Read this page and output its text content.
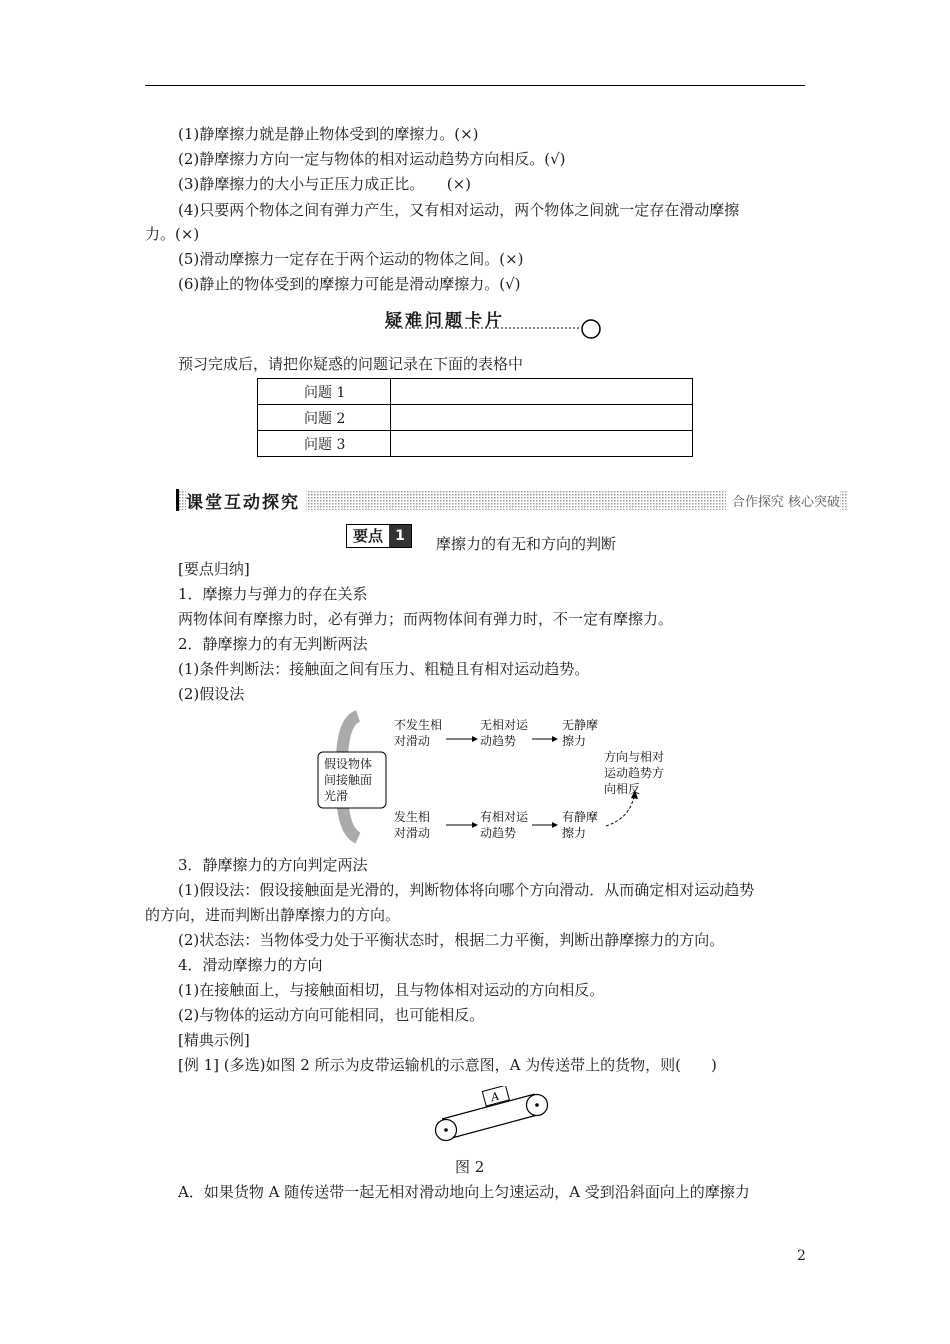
(1)静摩擦力就是静止物体受到的摩擦力。(×)
(2)静摩擦力方向一定与物体的相对运动趋势方向相反。(√)
(3)静摩擦力的大小与正压力成正比。　　(×)
(4)只要两个物体之间有弹力产生，又有相对运动，两个物体之间就一定存在滑动摩擦
力。(×)
(5)滑动摩擦力一定存在于两个运动的物体之间。(×)
(6)静止的物体受到的摩擦力可能是滑动摩擦力。(√)
疑难问题卡片
预习完成后，请把你疑惑的问题记录在下面的表格中
问题 1	
问题 2	
问题 3	
课堂互动探究	合作探究 核心突破
要点 1	摩擦力的有无和方向的判断
[要点归纳]
1．摩擦力与弹力的存在关系
两物体间有摩擦力时，必有弹力；而两物体间有弹力时，不一定有摩擦力。
2．静摩擦力的有无判断两法
(1)条件判断法：接触面之间有压力、粗糙且有相对运动趋势。
(2)假设法
假设物体
间接触面
光滑
不发生相
对滑动
无相对运
动趋势
无静摩
擦力
发生相
对滑动
有相对运
动趋势
有静摩
擦力
方向与相对
运动趋势方
向相反
3．静摩擦力的方向判定两法
(1)假设法：假设接触面是光滑的，判断物体将向哪个方向滑动．从而确定相对运动趋势
的方向，进而判断出静摩擦力的方向。
(2)状态法：当物体受力处于平衡状态时，根据二力平衡，判断出静摩擦力的方向。
4．滑动摩擦力的方向
(1)在接触面上，与接触面相切，且与物体相对运动的方向相反。
(2)与物体的运动方向可能相同，也可能相反。
[精典示例]
[例 1] (多选)如图 2 所示为皮带运输机的示意图，A 为传送带上的货物，则(　　)
A
图 2
A．如果货物 A 随传送带一起无相对滑动地向上匀速运动，A 受到沿斜面向上的摩擦力
2
